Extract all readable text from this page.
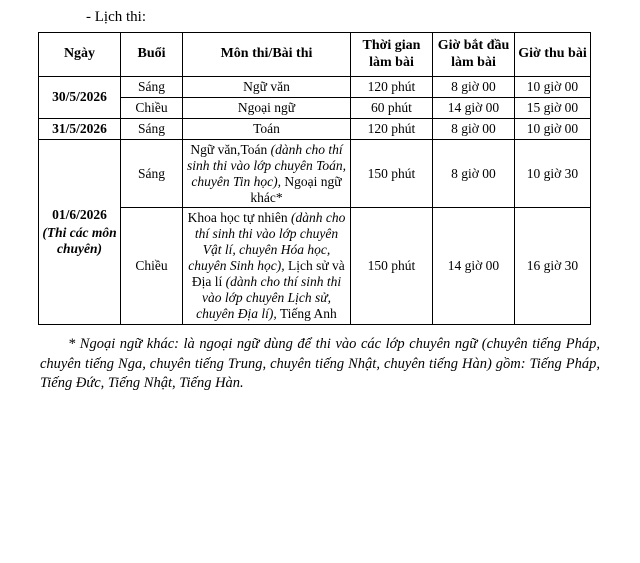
- Lịch thi:
Ngày	Buổi	Môn thi/Bài thi	Thời gian làm bài	Giờ bắt đầu làm bài	Giờ thu bài
30/5/2026	Sáng	Ngữ văn	120 phút	8 giờ 00	10 giờ 00
	Chiều	Ngoại ngữ	60 phút	14 giờ 00	15 giờ 00
31/5/2026	Sáng	Toán	120 phút	8 giờ 00	10 giờ 00
01/6/2026
(Thi các môn chuyên)	Sáng	Ngữ văn,Toán (dành cho thí sinh thi vào lớp chuyên Toán, chuyên Tin học), Ngoại ngữ khác*	150 phút	8 giờ 00	10 giờ 30
	Chiều	Khoa học tự nhiên (dành cho thí sinh thi vào lớp chuyên Vật lí, chuyên Hóa học, chuyên Sinh học), Lịch sử và Địa lí (dành cho thí sinh thi vào lớp chuyên Lịch sử, chuyên Địa lí), Tiếng Anh	150 phút	14 giờ 00	16 giờ 30
* Ngoại ngữ khác: là ngoại ngữ dùng để thi vào các lớp chuyên ngữ (chuyên tiếng Pháp, chuyên tiếng Nga, chuyên tiếng Trung, chuyên tiếng Nhật, chuyên tiếng Hàn) gồm: Tiếng Pháp, Tiếng Đức, Tiếng Nhật, Tiếng Hàn.
